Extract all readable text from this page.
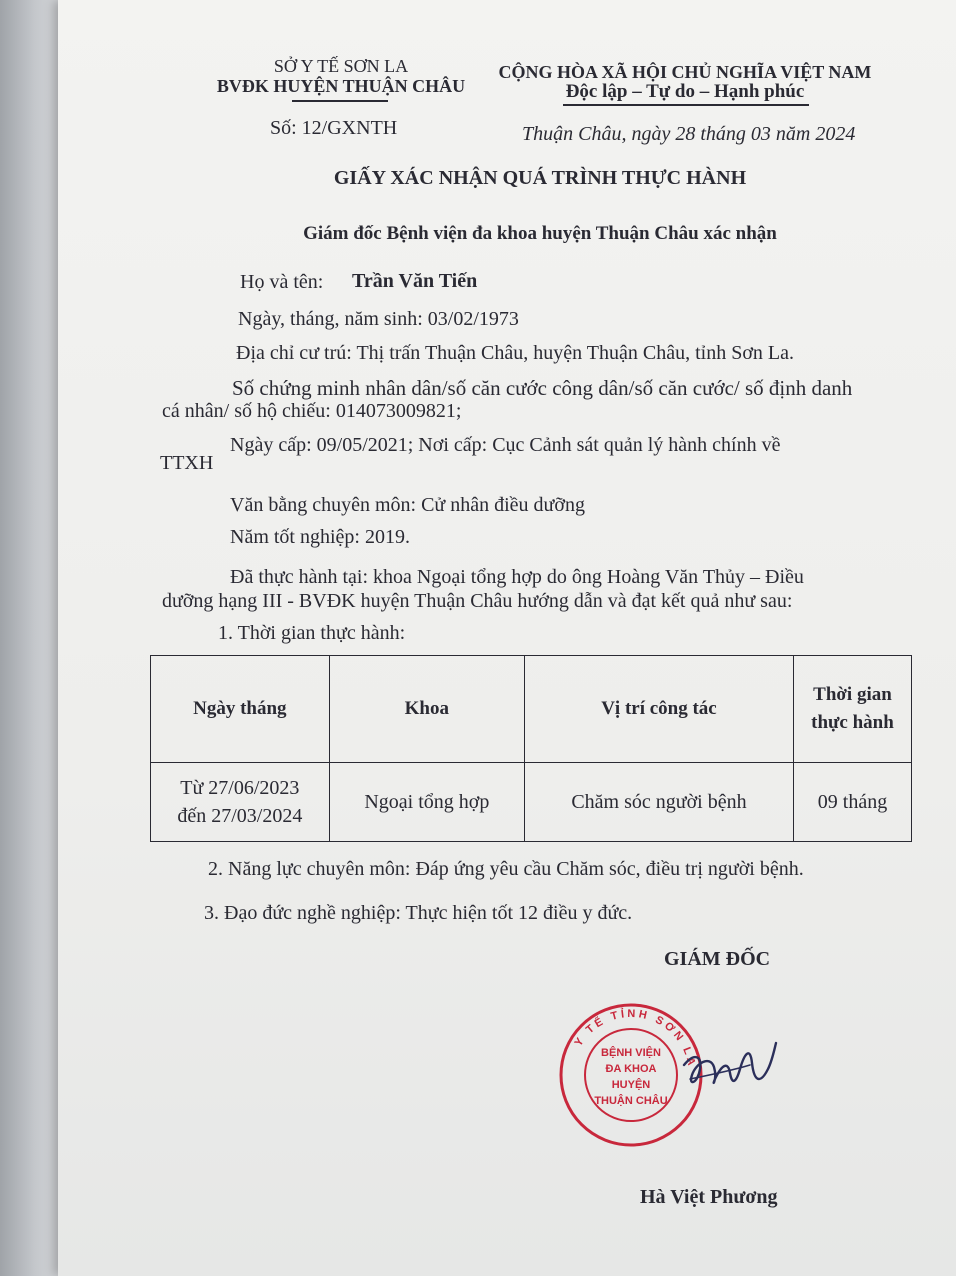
SỞ Y TẾ SƠN LA
BVĐK HUYỆN THUẬN CHÂU
Số: 12/GXNTH
CỘNG HÒA XÃ HỘI CHỦ NGHĨA VIỆT NAM
Độc lập – Tự do – Hạnh phúc
Thuận Châu, ngày 28 tháng 03 năm 2024
GIẤY XÁC NHẬN QUÁ TRÌNH THỰC HÀNH
Giám đốc Bệnh viện đa khoa huyện Thuận Châu xác nhận
Họ và tên: Trần Văn Tiến
Ngày, tháng, năm sinh: 03/02/1973
Địa chỉ cư trú: Thị trấn Thuận Châu, huyện Thuận Châu, tỉnh Sơn La.
Số chứng minh nhân dân/số căn cước công dân/số căn cước/ số định danh
cá nhân/ số hộ chiếu: 014073009821;
Ngày cấp: 09/05/2021; Nơi cấp: Cục Cảnh sát quản lý hành chính về
TTXH
Văn bằng chuyên môn: Cử nhân điều dưỡng
Năm tốt nghiệp: 2019.
Đã thực hành tại: khoa Ngoại tổng hợp do ông Hoàng Văn Thủy – Điều
dưỡng hạng III - BVĐK huyện Thuận Châu hướng dẫn và đạt kết quả như sau:
1. Thời gian thực hành:
Ngày tháng	Khoa	Vị trí công tác	Thời gian thực hành

Từ 27/06/2023
đến 27/03/2024	Ngoại tổng hợp	Chăm sóc người bệnh	09 tháng
2. Năng lực chuyên môn: Đáp ứng yêu cầu Chăm sóc, điều trị người bệnh.
3. Đạo đức nghề nghiệp: Thực hiện tốt 12 điều y đức.
GIÁM ĐỐC
Y TẾ TỈNH SƠN LA
BỆNH VIỆN
ĐA KHOA
HUYỆN
THUẬN CHÂU
Hà Việt Phương
